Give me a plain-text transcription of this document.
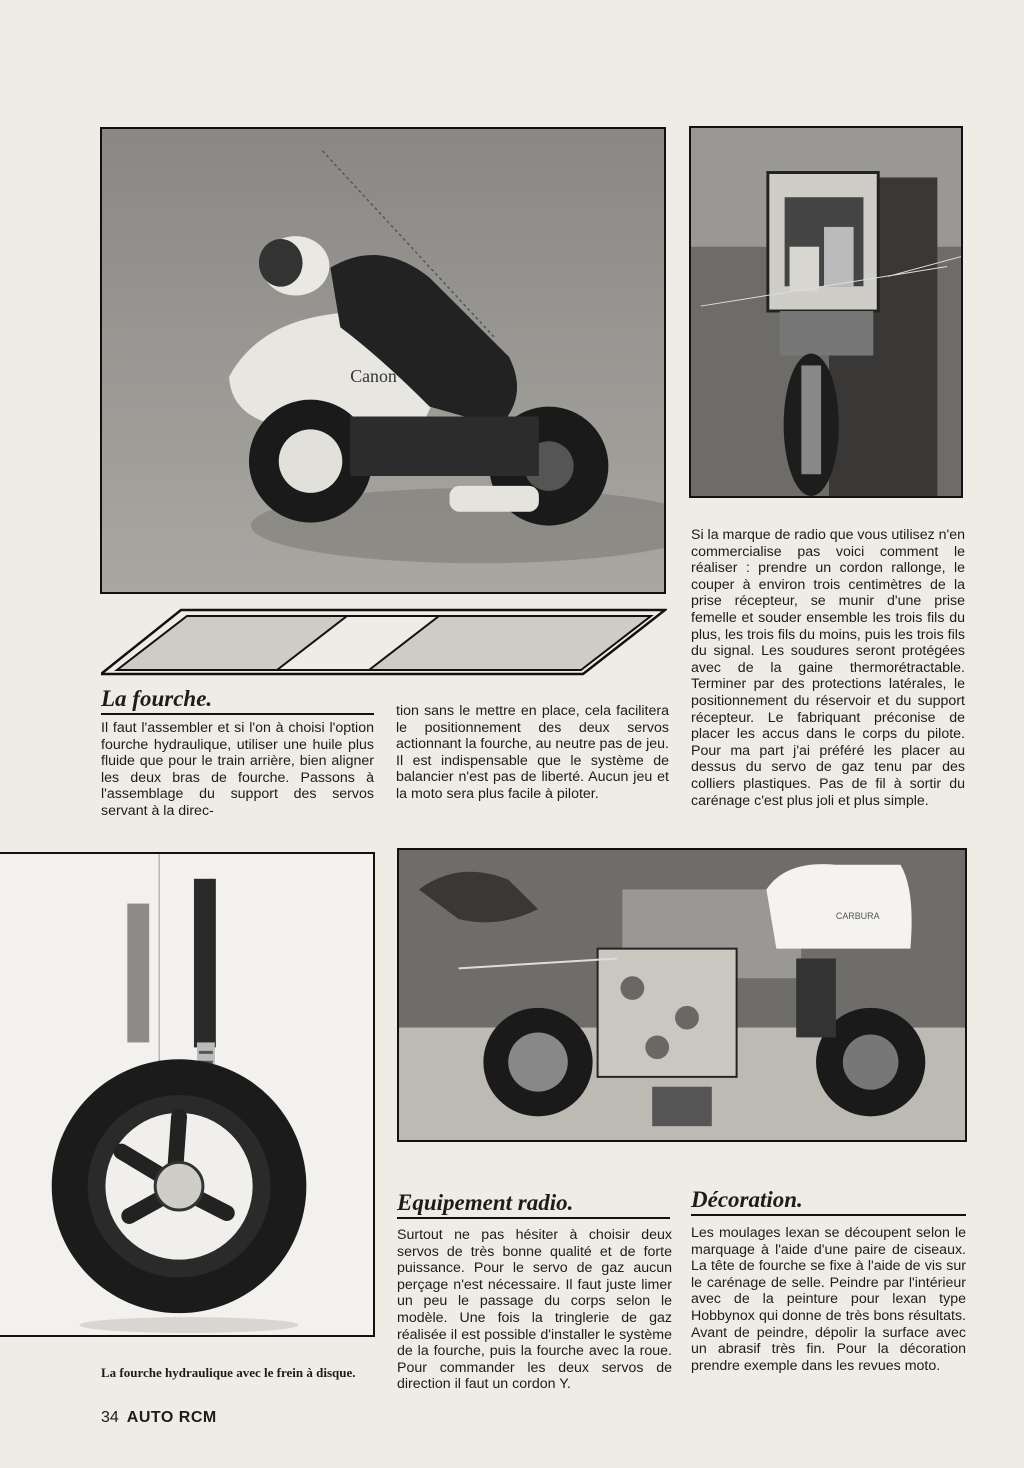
Canon
Si la marque de radio que vous utilisez n'en commercialise pas voici comment le réaliser : prendre un cordon rallonge, le couper à environ trois centimètres de la prise récepteur, se munir d'une prise femelle et souder ensemble les trois fils du plus, les trois fils du moins, puis les trois fils du signal. Les soudures seront protégées avec de la gaine thermorétractable. Terminer par des protections latérales, le positionnement du réservoir et du support récepteur. Le fabriquant préconise de placer les accus dans le corps du pilote. Pour ma part j'ai préféré les placer au dessus du servo de gaz tenu par des colliers plastiques. Pas de fil à sortir du carénage c'est plus joli et plus simple.
La fourche.
Il faut l'assembler et si l'on à choisi l'option fourche hydraulique, utiliser une huile plus fluide que pour le train arrière, bien aligner les deux bras de fourche. Passons à l'assemblage du support des servos servant à la direc-
tion sans le mettre en place, cela facilitera le positionnement des deux servos actionnant la fourche, au neutre pas de jeu. Il est indispensable que le système de balancier n'est pas de liberté. Aucun jeu et la moto sera plus facile à piloter.
La fourche hydraulique avec le frein à disque.
CARBURA
Equipement radio.
Surtout ne pas hésiter à choisir deux servos de très bonne qualité et de forte puissance. Pour le servo de gaz aucun perçage n'est nécessaire. Il faut juste limer un peu le passage du corps selon le modèle. Une fois la tringlerie de gaz réalisée il est possible d'installer le système de la fourche, puis la fourche avec la roue. Pour commander les deux servos de direction il faut un cordon Y.
Décoration.
Les moulages lexan se découpent selon le marquage à l'aide d'une paire de ciseaux. La tête de fourche se fixe à l'aide de vis sur le carénage de selle. Peindre par l'intérieur avec de la peinture pour lexan type Hobbynox qui donne de très bons résultats. Avant de peindre, dépolir la surface avec un abrasif très fin. Pour la décoration prendre exemple dans les revues moto.
34 AUTO RCM
